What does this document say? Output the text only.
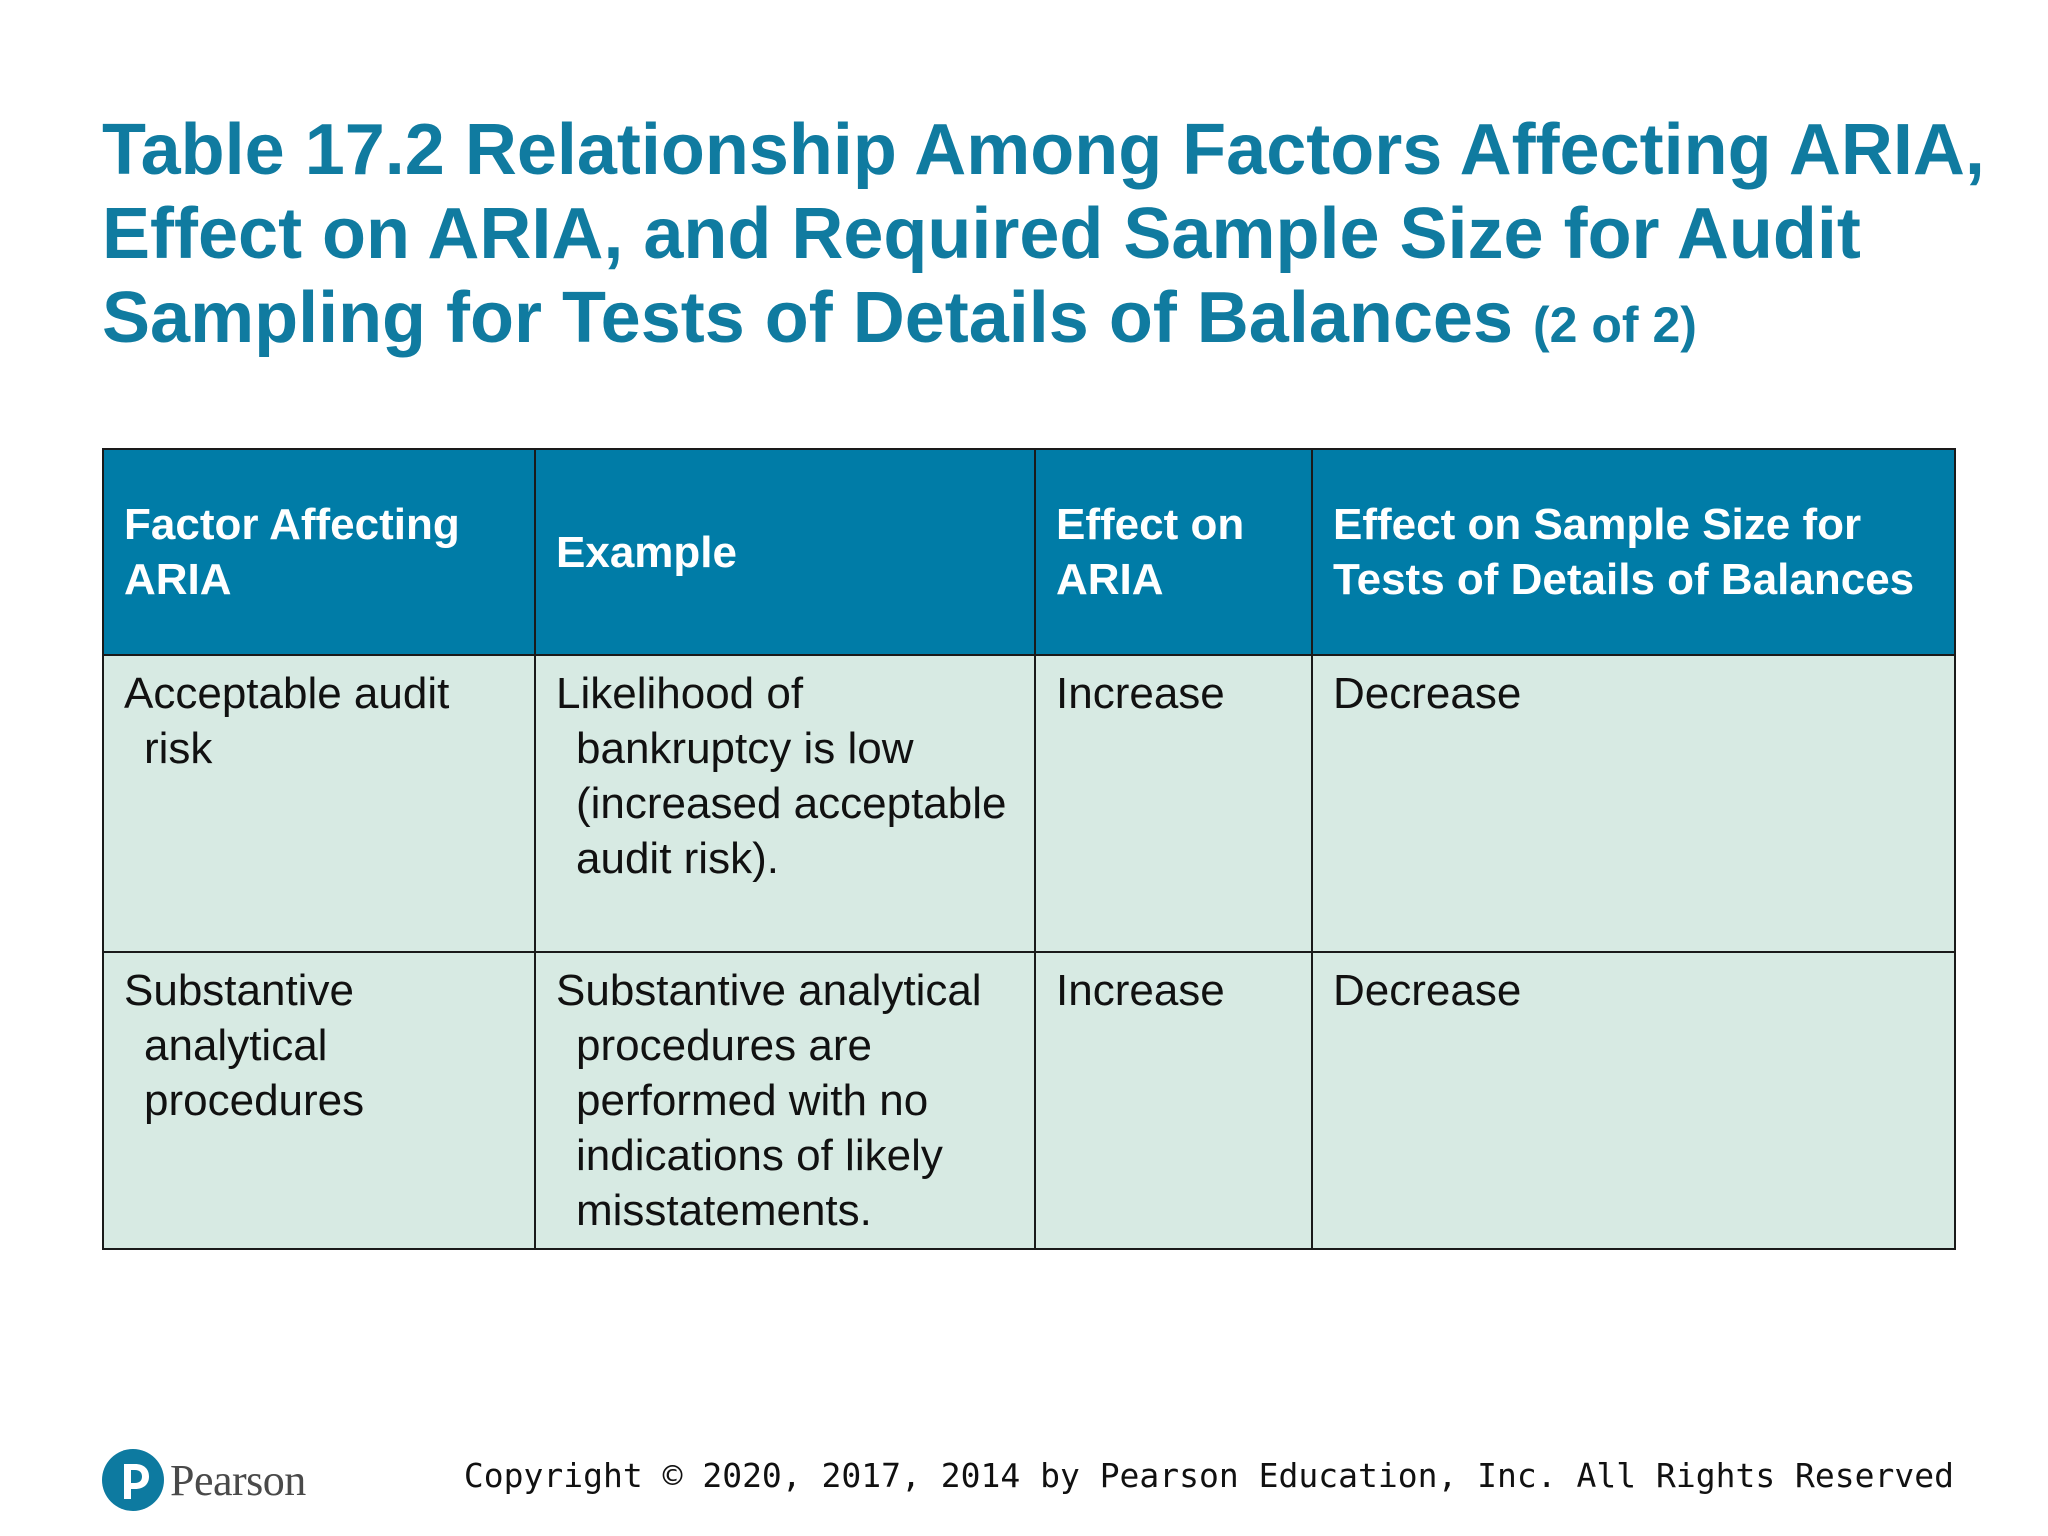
Table 17.2 Relationship Among Factors Affecting ARIA, Effect on ARIA, and Required Sample Size for Audit Sampling for Tests of Details of Balances (2 of 2)
Factor Affecting ARIA	Example	Effect on ARIA	Effect on Sample Size for Tests of Details of Balances

Acceptable audit risk	Likelihood of bankruptcy is low (increased acceptable audit risk).	Increase	Decrease

Substantive analytical procedures	Substantive analytical procedures are performed with no indications of likely misstatements.	Increase	Decrease
Pearson	Copyright © 2020, 2017, 2014 by Pearson Education, Inc. All Rights Reserved
